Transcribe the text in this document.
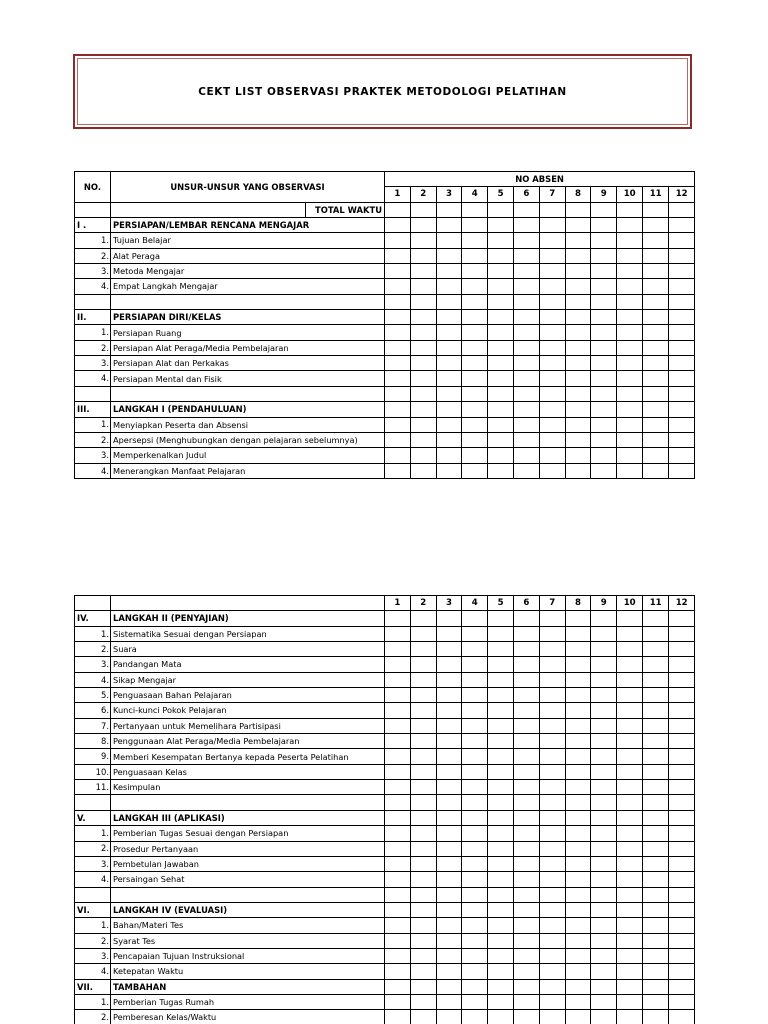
CEKT LIST OBSERVASI PRAKTEK METODOLOGI PELATIHAN
NO.	UNSUR-UNSUR YANG OBSERVASI		NO ABSEN											
			1	2	3	4	5	6	7	8	9	10	11	12
		TOTAL WAKTU												
I .	PERSIAPAN/LEMBAR RENCANA MENGAJAR													
1.	Tujuan Belajar													
2.	Alat Peraga													
3.	Metoda Mengajar													
4.	Empat Langkah Mengajar													

II.	PERSIAPAN DIRI/KELAS													
1.	Persiapan Ruang													
2.	Persiapan Alat Peraga/Media Pembelajaran													
3.	Persiapan Alat dan Perkakas													
4.	Persiapan Mental dan Fisik													

III.	LANGKAH I (PENDAHULUAN)													
1.	Menyiapkan Peserta dan Absensi													
2.	Apersepsi (Menghubungkan dengan pelajaran sebelumnya)													
3.	Memperkenalkan Judul													
4.	Menerangkan Manfaat Pelajaran													
		1	2	3	4	5	6	7	8	9	10	11	12
IV.	LANGKAH II (PENYAJIAN)												
1.	Sistematika Sesuai dengan Persiapan												
2.	Suara												
3.	Pandangan Mata												
4.	Sikap Mengajar												
5.	Penguasaan Bahan Pelajaran												
6.	Kunci-kunci Pokok Pelajaran												
7.	Pertanyaan untuk Memelihara Partisipasi												
8.	Penggunaan Alat Peraga/Media Pembelajaran												
9.	Memberi Kesempatan Bertanya kepada Peserta Pelatihan												
10.	Penguasaan Kelas												
11.	Kesimpulan												

V.	LANGKAH III (APLIKASI)												
1.	Pemberian Tugas Sesuai dengan Persiapan												
2.	Prosedur Pertanyaan												
3.	Pembetulan Jawaban												
4.	Persaingan Sehat												

VI.	LANGKAH IV (EVALUASI)												
1.	Bahan/Materi Tes												
2.	Syarat Tes												
3.	Pencapaian Tujuan Instruksional												
4.	Ketepatan Waktu												
VII.	TAMBAHAN												
1.	Pemberian Tugas Rumah												
2.	Pemberesan Kelas/Waktu												
